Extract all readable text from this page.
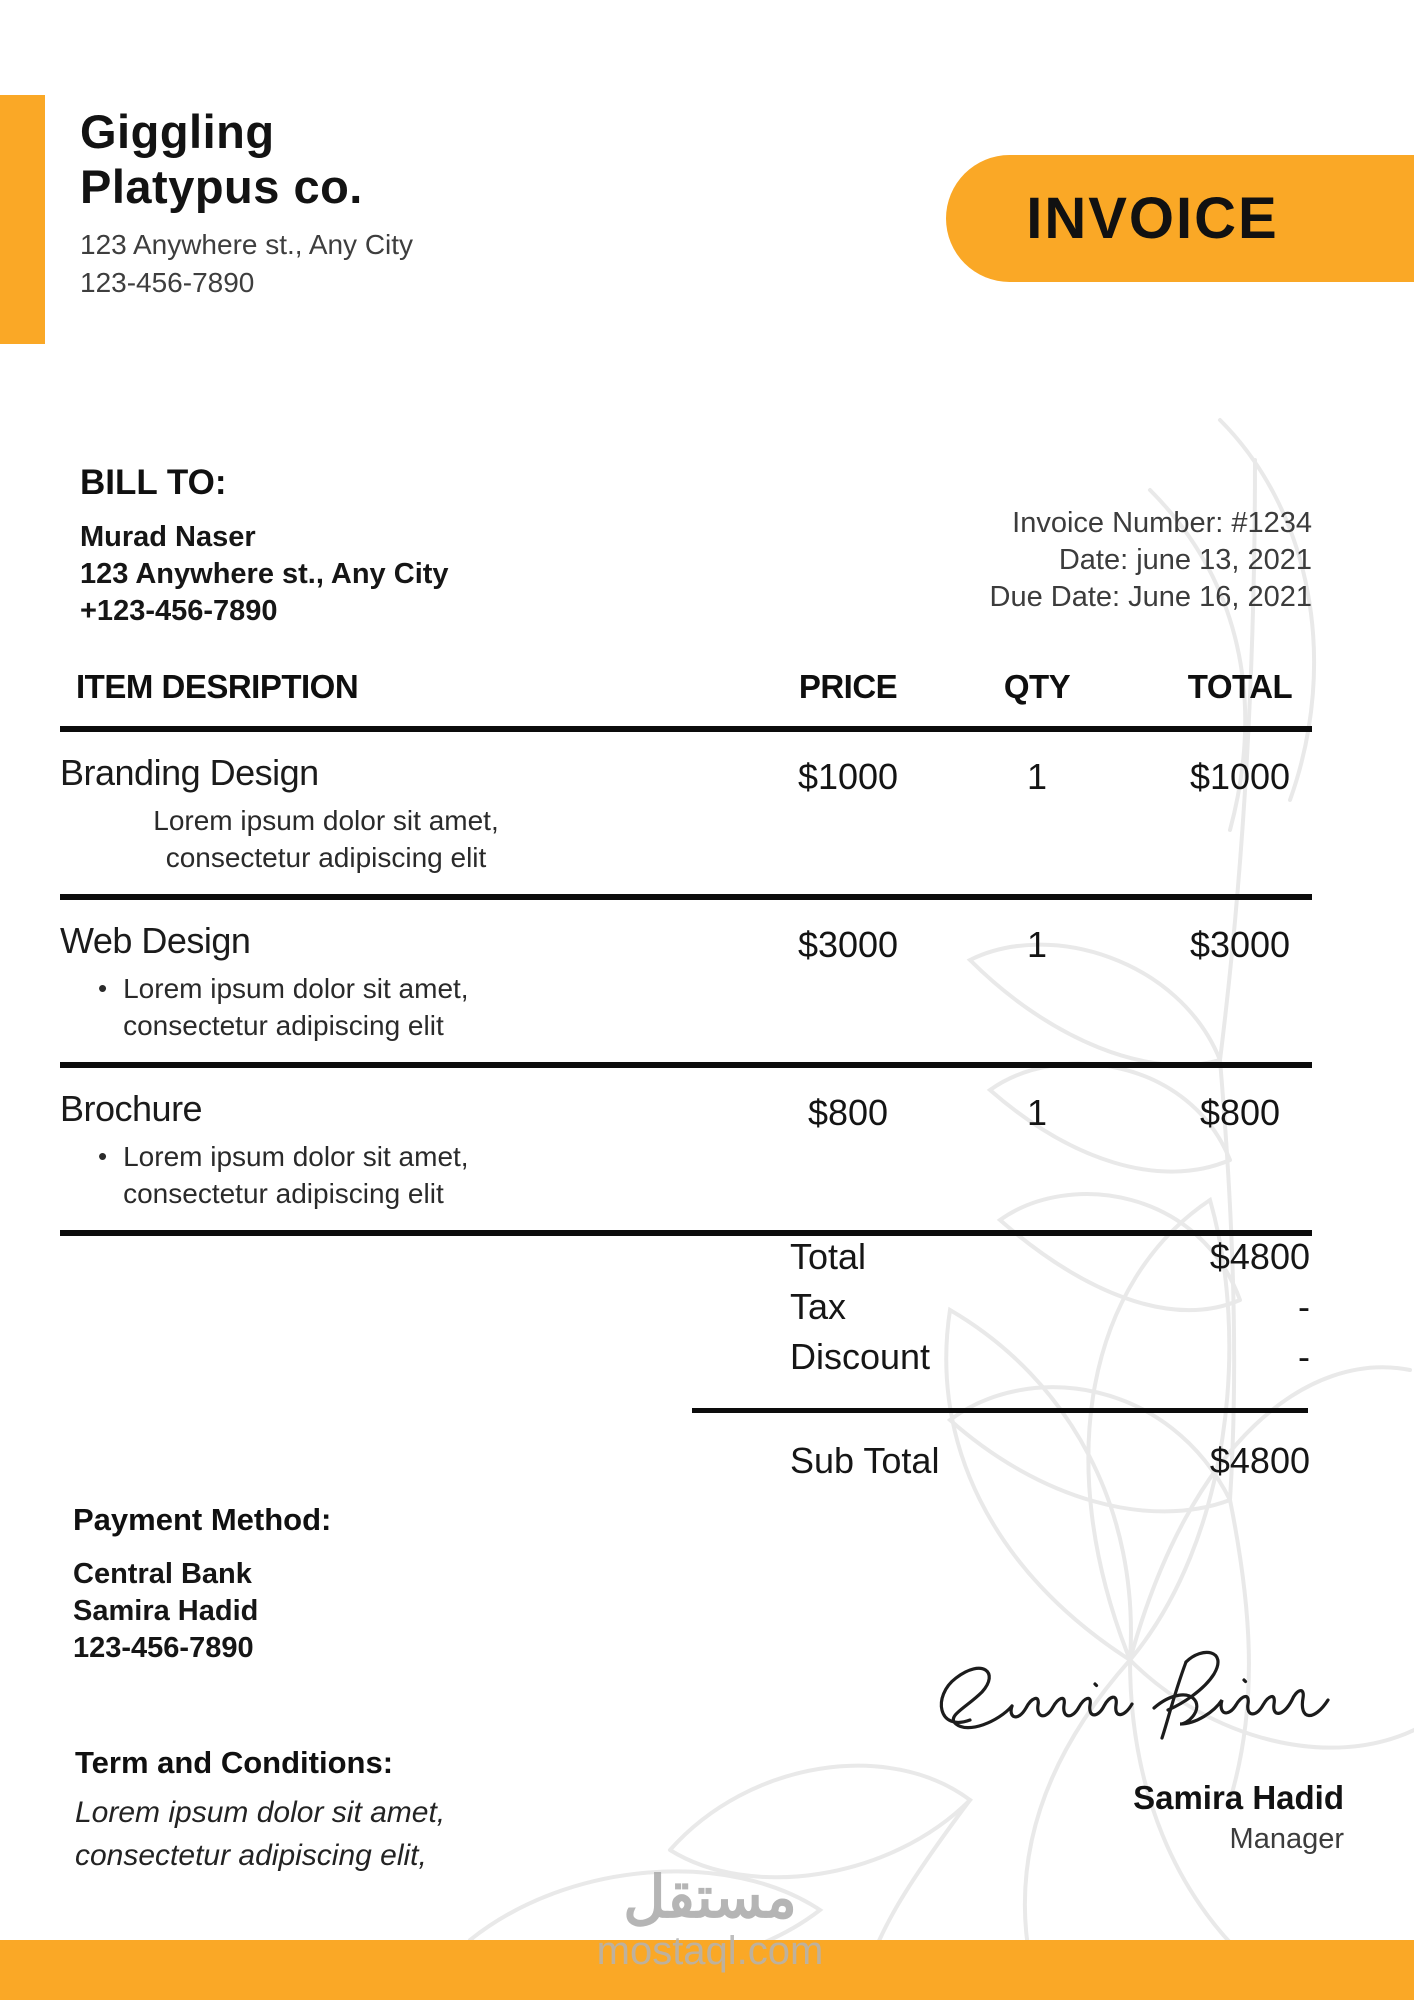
Giggling
Platypus co.
123 Anywhere st., Any City
123-456-7890
INVOICE
BILL TO:
Murad Naser
123 Anywhere st., Any City
+123-456-7890
Invoice Number: #1234
Date: june 13, 2021
Due Date: June 16, 2021
ITEM DESRIPTION	PRICE	QTY	TOTAL
Branding Design
Lorem ipsum dolor sit amet,
consectetur adipiscing elit
$1000	1	$1000
Web Design
• Lorem ipsum dolor sit amet,
consectetur adipiscing elit
$3000	1	$3000
Brochure
• Lorem ipsum dolor sit amet,
consectetur adipiscing elit
$800	1	$800
Total	$4800
Tax	-
Discount	-
Sub Total	$4800
Payment Method:
Central Bank
Samira Hadid
123-456-7890
Term and Conditions:
Lorem ipsum dolor sit amet, consectetur adipiscing elit,
Samira Hadid
Manager
مستقل
mostaql.com
